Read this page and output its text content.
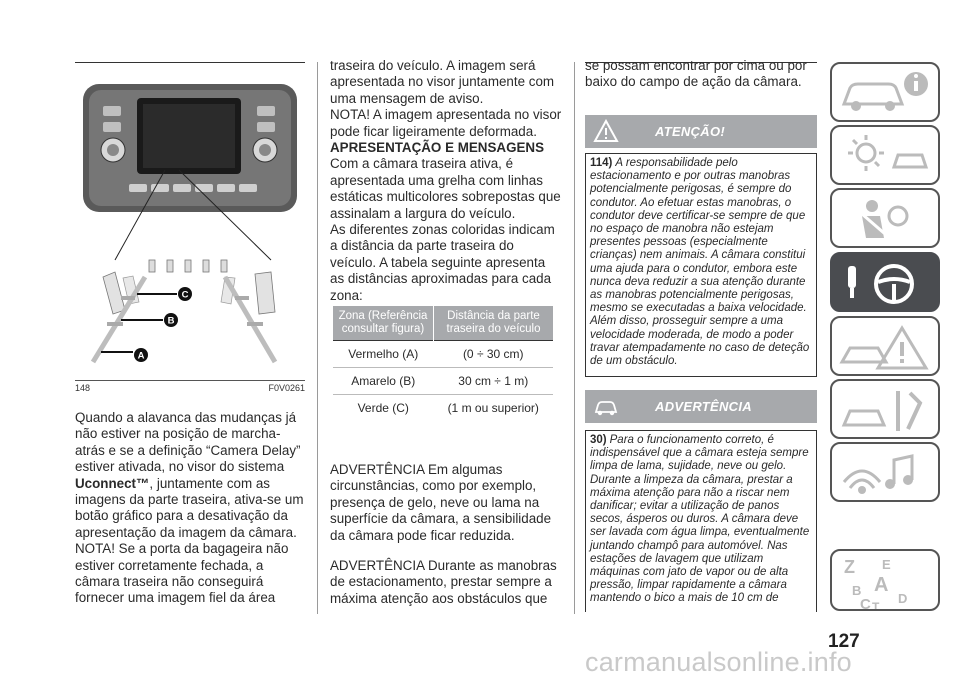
C
B
A
148	F0V0261

Quando a alavanca das mudanças já não estiver na posição de marcha-atrás e se a definição “Camera Delay” estiver ativada, no visor do sistema Uconnect™, juntamente com as imagens da parte traseira, ativa-se um botão gráfico para a desativação da apresentação da imagem da câmara.

NOTA! Se a porta da bagageira não estiver corretamente fechada, a câmara traseira não conseguirá fornecer uma imagem fiel da área

traseira do veículo. A imagem será apresentada no visor juntamente com uma mensagem de aviso.

NOTA! A imagem apresentada no visor pode ficar ligeiramente deformada.

APRESENTAÇÃO E MENSAGENS

Com a câmara traseira ativa, é apresentada uma grelha com linhas estáticas multicolores sobrepostas que assinalam a largura do veículo.

As diferentes zonas coloridas indicam a distância da parte traseira do veículo. A tabela seguinte apresenta as distâncias aproximadas para cada zona:

Zona (Referência consultar figura)	Distância da parte traseira do veículo
Vermelho (A)	(0 ÷ 30 cm)
Amarelo (B)	30 cm ÷ 1 m)
Verde (C)	(1 m ou superior)

ADVERTÊNCIA Em algumas circunstâncias, como por exemplo, presença de gelo, neve ou lama na superfície da câmara, a sensibilidade da câmara pode ficar reduzida.

ADVERTÊNCIA Durante as manobras de estacionamento, prestar sempre a máxima atenção aos obstáculos que

se possam encontrar por cima ou por baixo do campo de ação da câmara.

ATENÇÃO!
114) A responsabilidade pelo estacionamento e por outras manobras potencialmente perigosas, é sempre do condutor. Ao efetuar estas manobras, o condutor deve certificar-se sempre de que no espaço de manobra não estejam presentes pessoas (especialmente crianças) nem animais. A câmara constitui uma ajuda para o condutor, embora este nunca deva reduzir a sua atenção durante as manobras potencialmente perigosas, mesmo se executadas a baixa velocidade. Além disso, prosseguir sempre a uma velocidade moderada, de modo a poder travar atempadamente no caso de deteção de um obstáculo.
ADVERTÊNCIA
30) Para o funcionamento correto, é indispensável que a câmara esteja sempre limpa de lama, sujidade, neve ou gelo. Durante a limpeza da câmara, prestar a máxima atenção para não a riscar nem danificar; evitar a utilização de panos secos, ásperos ou duros. A câmara deve ser lavada com água limpa, eventualmente juntando champô para automóvel. Nas estações de lavagem que utilizam máquinas com jato de vapor ou de alta pressão, limpar rapidamente a câmara mantendo o bico a mais de 10 cm de
Z E
B A
C T
D
127
carmanualsonline.info
